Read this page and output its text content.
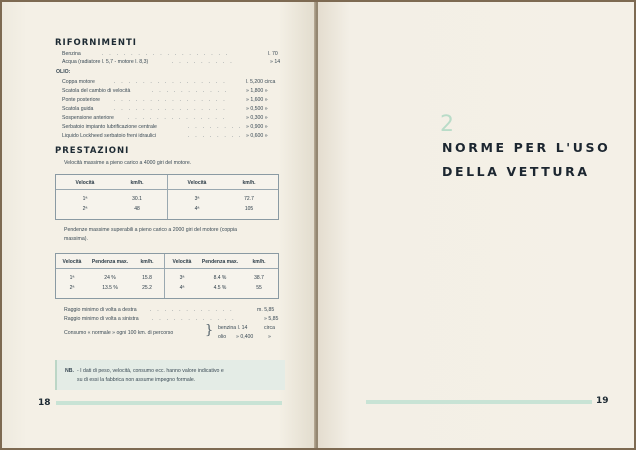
RIFORNIMENTI
Benzina	. . . . . . . . . . . . . . . . . .	l. 70
Acqua (radiatore l. 5,7 - motore l. 8,3)	. . . . . . . . .	» 14
OLIO:
Coppa motore	. . . . . . . . . . . . . . . .	l. 5,200 circa
Scatola del cambio di velocità	. . . . . . . . . . .	» 1,800 »
Ponte posteriore	. . . . . . . . . . . . . . . .	» 1,600 »
Scatola guida	. . . . . . . . . . . . . . . .	» 0,500 »
Sospensione anteriore	. . . . . . . . . . . . . .	» 0,300 »
Serbatoio impianto lubrificazione centrale	. . . . . . . . » 0,900 »
Liquido Lockheed serbatoio freni idraulici	. . . . . . . . » 0,600 »
PRESTAZIONI
Velocità massime a pieno carico a 4000 giri del motore.
Velocità	km/h.	Velocità	km/h.
1ª	30.1	3ª	72.7
2ª	48	4ª	105
Pendenze massime superabili a pieno carico a 2000 giri del motore (coppia
massima).
Velocità	Pendenza max.	km/h.	Velocità	Pendenza max.	km/h.
1ª	24 %	15.8	3ª	8.4 %	38.7
2ª	13.5 %	25.2	4ª	4.5 %	55
Raggio minimo di volta a destra	. . . . . . . . . . . .	m. 5,85
Raggio minimo di volta a sinistra	. . . . . . . . . . . .	» 5,85
Consumo « normale » ogni 100 km. di percorso } benzina l. 14	circa
olio » 0,400	»
NB. - I dati di peso, velocità, consumo ecc. hanno valore indicativo e
su di essi la fabbrica non assume impegno formale.
18
2
NORME PER L'USO
DELLA VETTURA
19
